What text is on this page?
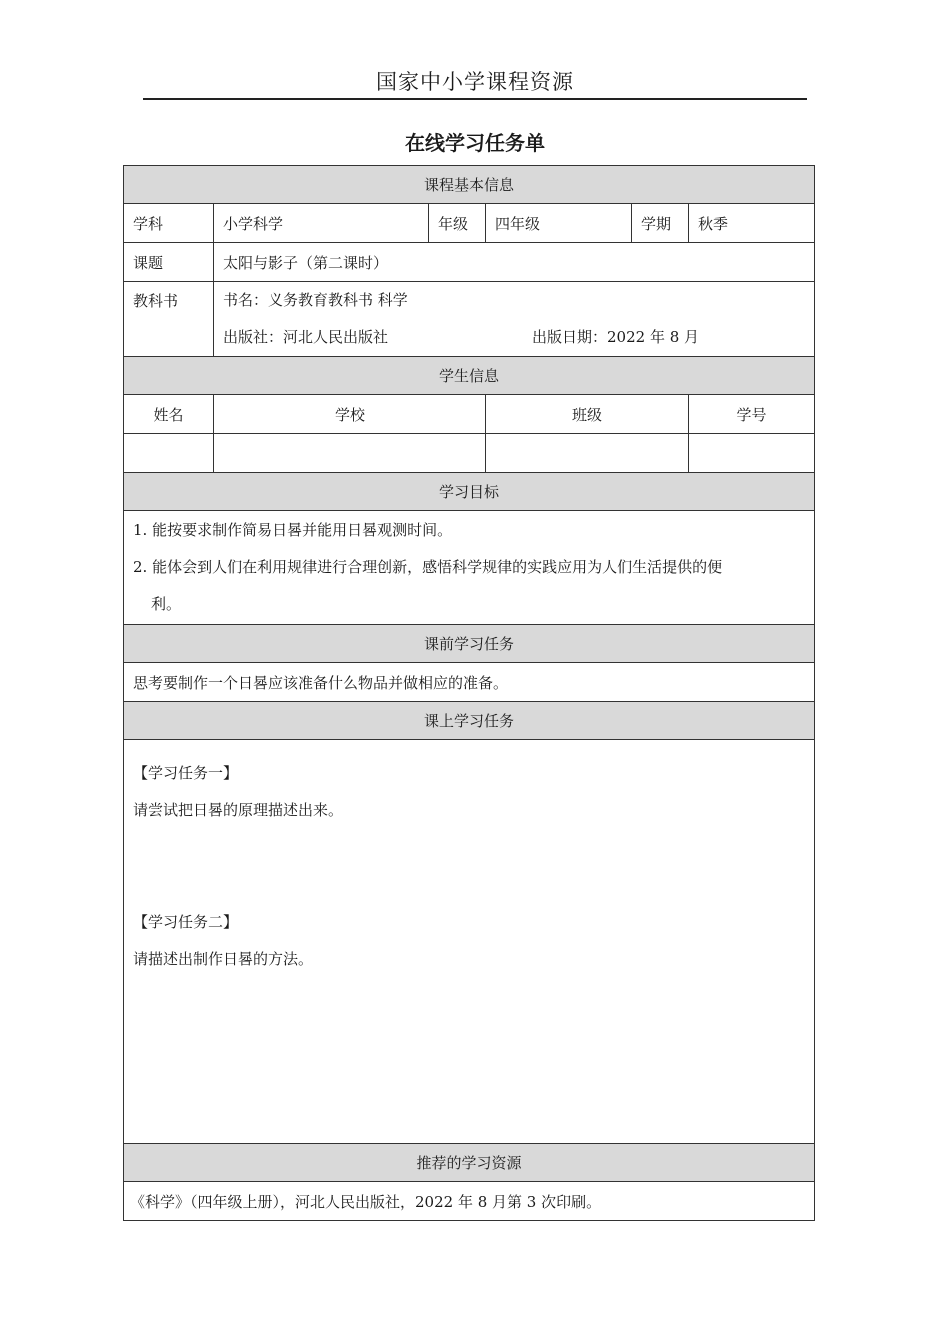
国家中小学课程资源
在线学习任务单
课程基本信息					
学科	小学科学	年级	四年级	学期	秋季
课题	太阳与影子（第二课时）				

教科书	书名：义务教育教科书 科学
出版社：河北人民出版社 出版日期：2022 年 8 月				

学生信息					
姓名	学校		班级		学号

学习目标					

1. 能按要求制作简易日晷并能用日晷观测时间。
2. 能体会到人们在利用规律进行合理创新，感悟科学规律的实践应用为人们生活提供的便
利。					

课前学习任务					
思考要制作一个日晷应该准备什么物品并做相应的准备。					
课上学习任务					

【学习任务一】
请尝试把日晷的原理描述出来。
【学习任务二】
请描述出制作日晷的方法。					

推荐的学习资源					
《科学》（四年级上册），河北人民出版社，2022 年 8 月第 3 次印刷。					
